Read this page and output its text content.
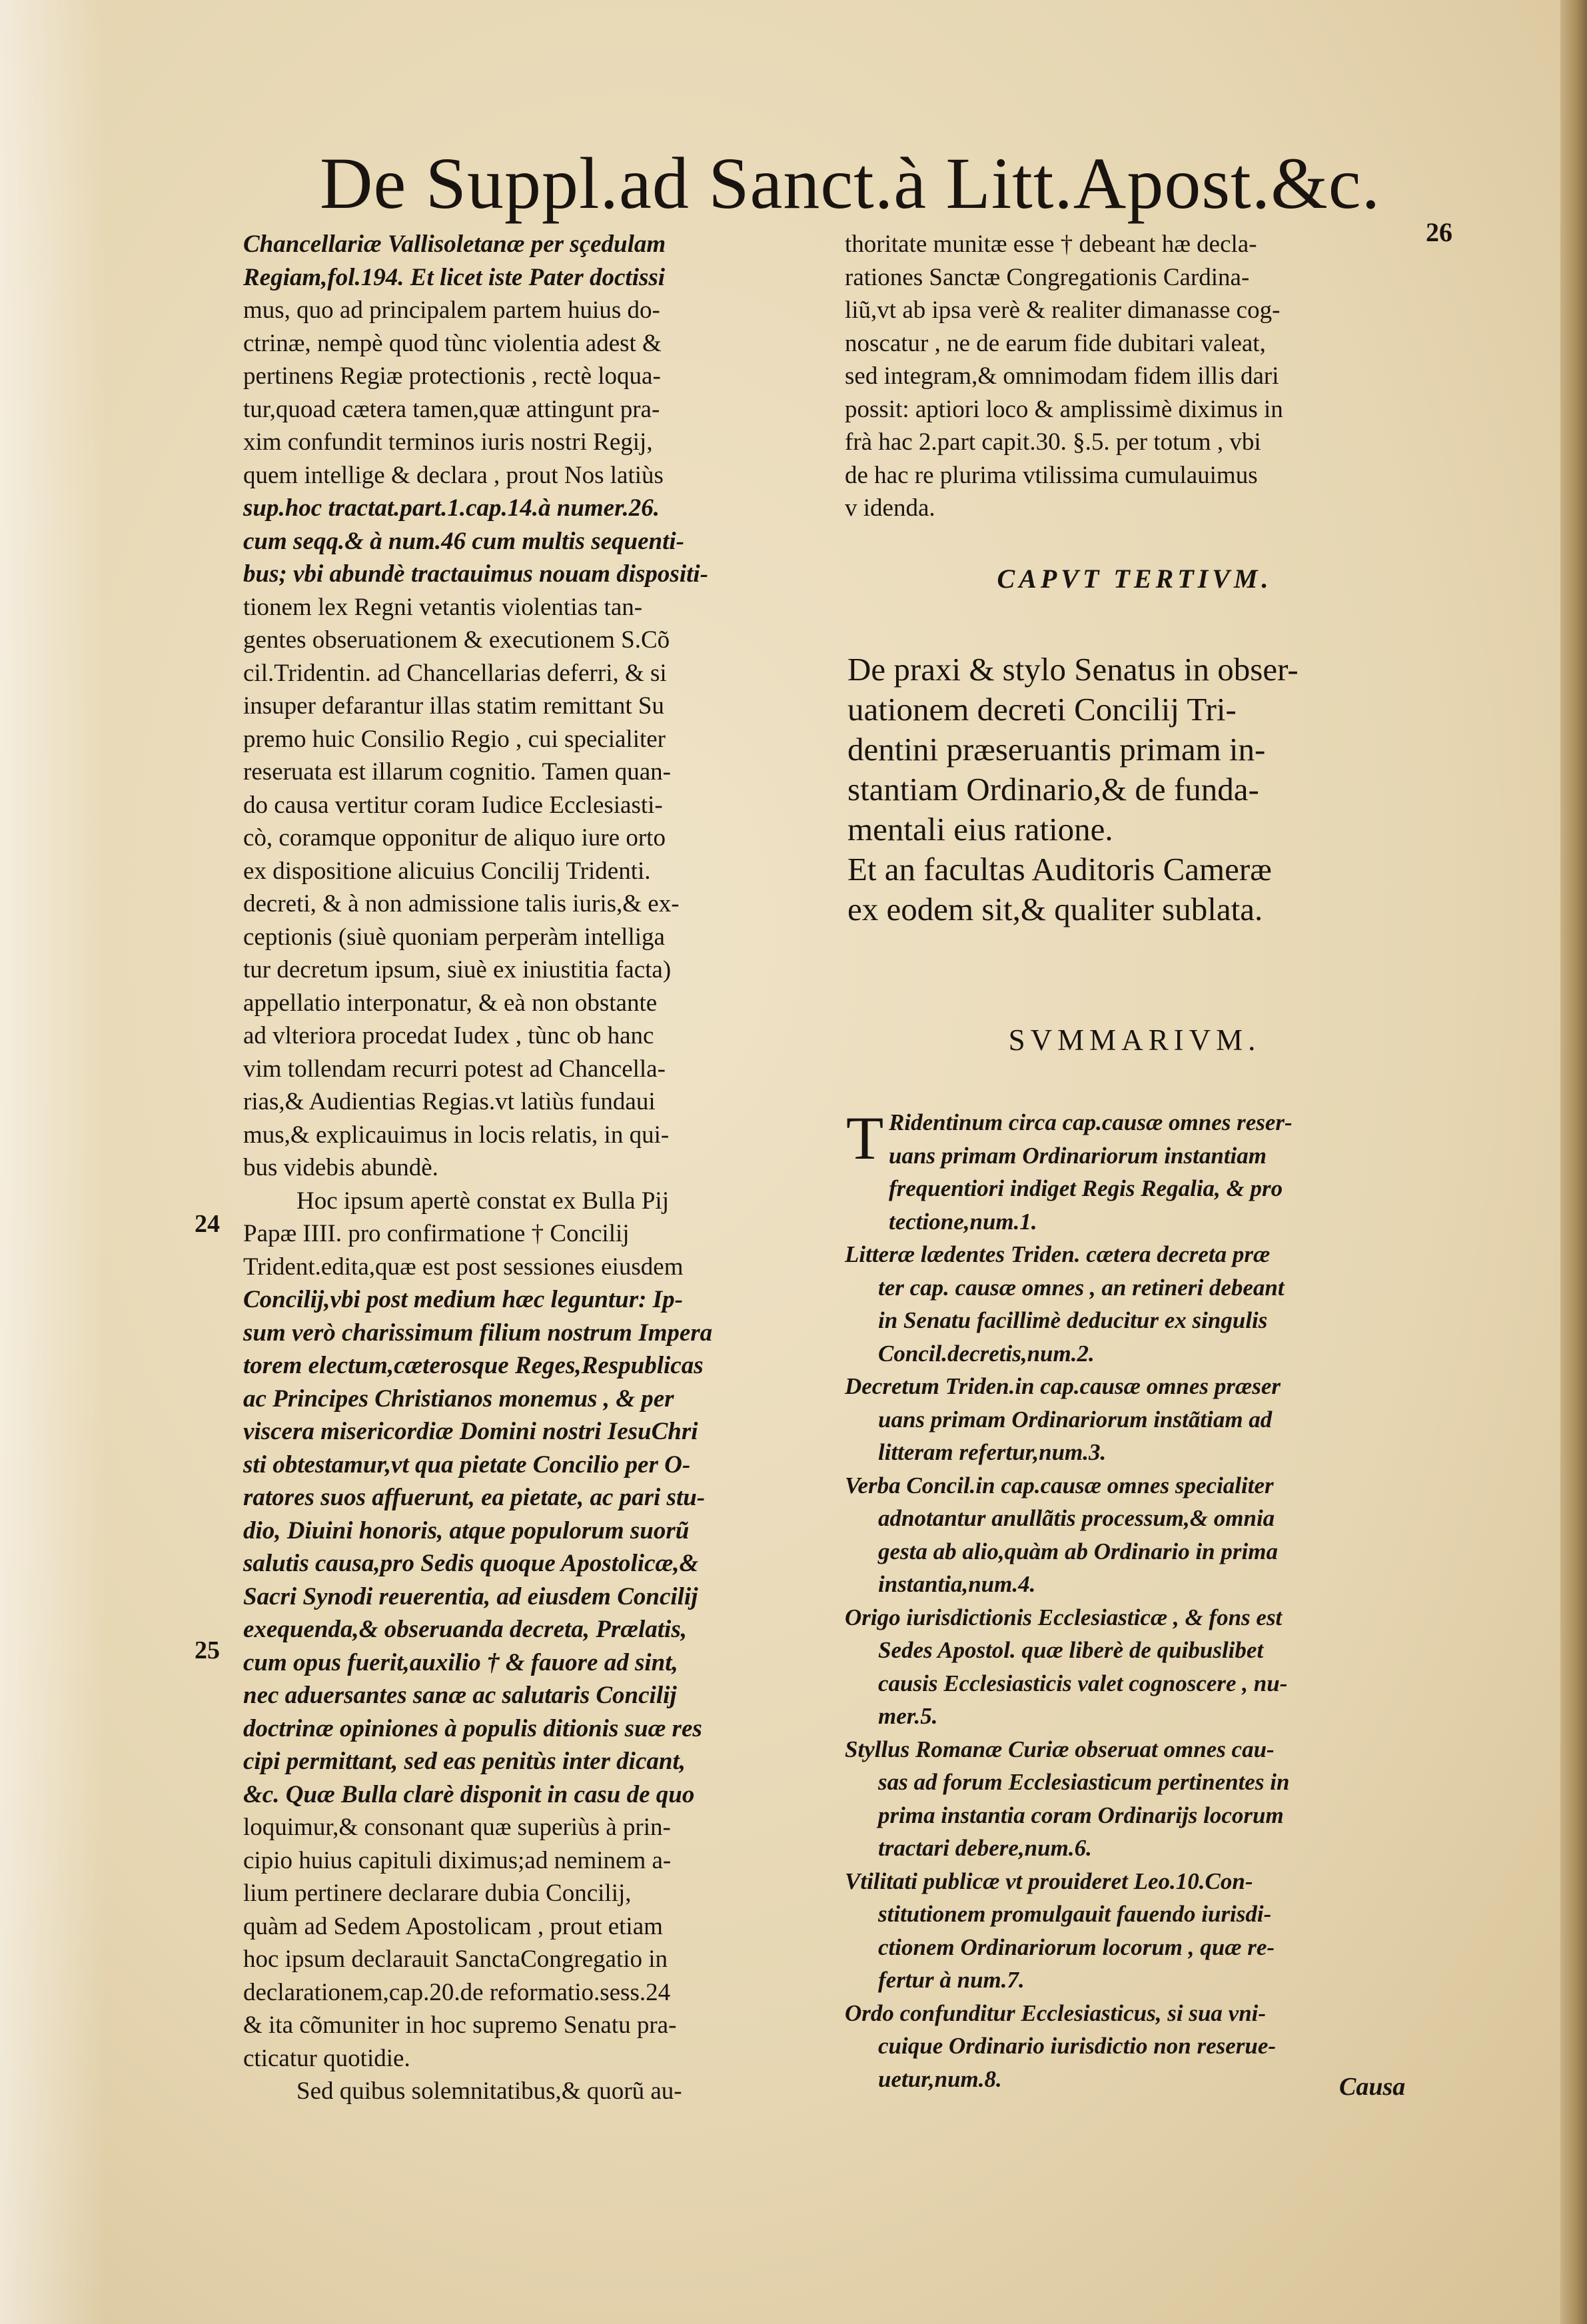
De Suppl.ad Sanct.à Litt.Apost.&c.
26
Chancellariæ Vallisoletanæ per sçedulam
Regiam,fol.194. Et licet iste Pater doctissi
mus, quo ad principalem partem huius do-
ctrinæ, nempè quod tùnc violentia adest &
pertinens Regiæ protectionis , rectè loqua-
tur,quoad cætera tamen,quæ attingunt pra-
xim confundit terminos iuris nostri Regij,
quem intellige & declara , prout Nos latiùs
sup.hoc tractat.part.1.cap.14.à numer.26.
cum seqq.& à num.46 cum multis sequenti-
bus; vbi abundè tractauimus nouam dispositi-
tionem lex Regni vetantis violentias tan-
gentes obseruationem & executionem S.Cõ
cil.Tridentin. ad Chancellarias deferri, & si
insuper defarantur illas statim remittant Su
premo huic Consilio Regio , cui specialiter
reseruata est illarum cognitio. Tamen quan-
do causa vertitur coram Iudice Ecclesiasti-
cò, coramque opponitur de aliquo iure orto
ex dispositione alicuius Concilij Tridenti.
decreti, & à non admissione talis iuris,& ex-
ceptionis (siuè quoniam perperàm intelliga
tur decretum ipsum, siuè ex iniustitia facta)
appellatio interponatur, & eà non obstante
ad vlteriora procedat Iudex , tùnc ob hanc
vim tollendam recurri potest ad Chancella-
rias,& Audientias Regias.vt latiùs fundaui
mus,& explicauimus in locis relatis, in qui-
bus videbis abundè.
Hoc ipsum apertè constat ex Bulla Pij
Papæ IIII. pro confirmatione † Concilij
Trident.edita,quæ est post sessiones eiusdem
Concilij,vbi post medium hæc leguntur: Ip-
sum verò charissimum filium nostrum Impera
torem electum,cæterosque Reges,Respublicas
ac Principes Christianos monemus , & per
viscera misericordiæ Domini nostri IesuChri
sti obtestamur,vt qua pietate Concilio per O-
ratores suos affuerunt, ea pietate, ac pari stu-
dio, Diuini honoris, atque populorum suorũ
salutis causa,pro Sedis quoque Apostolicæ,&
Sacri Synodi reuerentia, ad eiusdem Concilij
exequenda,& obseruanda decreta, Prælatis,
cum opus fuerit,auxilio † & fauore ad sint,
nec aduersantes sanæ ac salutaris Concilij
doctrinæ opiniones à populis ditionis suæ res
cipi permittant, sed eas penitùs inter dicant,
&c. Quæ Bulla clarè disponit in casu de quo
loquimur,& consonant quæ superiùs à prin-
cipio huius capituli diximus;ad neminem a-
lium pertinere declarare dubia Concilij,
quàm ad Sedem Apostolicam , prout etiam
hoc ipsum declarauit SanctaCongregatio in
declarationem,cap.20.de reformatio.sess.24
& ita cõmuniter in hoc supremo Senatu pra-
cticatur quotidie.
Sed quibus solemnitatibus,& quorũ au-
24
25
thoritate munitæ esse † debeant hæ decla-
rationes Sanctæ Congregationis Cardina-
liũ,vt ab ipsa verè & realiter dimanasse cog-
noscatur , ne de earum fide dubitari valeat,
sed integram,& omnimodam fidem illis dari
possit: aptiori loco & amplissimè diximus in
frà hac 2.part capit.30. §.5. per totum , vbi
de hac re plurima vtilissima cumulauimus
v idenda.
CAPVT TERTIVM.
De praxi & stylo Senatus in obser-
uationem decreti Concilij Tri-
dentini præseruantis primam in-
stantiam Ordinario,& de funda-
mentali eius ratione.
Et an facultas Auditoris Cameræ
ex eodem sit,& qualiter sublata.
SVMMARIVM.
T Ridentinum circa cap.causæ omnes reser-
uans primam Ordinariorum instantiam
frequentiori indiget Regis Regalia, & pro
tectione,num.1.
Litteræ lædentes Triden. cætera decreta præ
ter cap. causæ omnes , an retineri debeant
in Senatu facillimè deducitur ex singulis
Concil.decretis,num.2.
Decretum Triden.in cap.causæ omnes præser
uans primam Ordinariorum instãtiam ad
litteram refertur,num.3.
Verba Concil.in cap.causæ omnes specialiter
adnotantur anullãtis processum,& omnia
gesta ab alio,quàm ab Ordinario in prima
instantia,num.4.
Origo iurisdictionis Ecclesiasticæ , & fons est
Sedes Apostol. quæ liberè de quibuslibet
causis Ecclesiasticis valet cognoscere , nu-
mer.5.
Styllus Romanæ Curiæ obseruat omnes cau-
sas ad forum Ecclesiasticum pertinentes in
prima instantia coram Ordinarijs locorum
tractari debere,num.6.
Vtilitati publicæ vt prouideret Leo.10.Con-
stitutionem promulgauit fauendo iurisdi-
ctionem Ordinariorum locorum , quæ re-
fertur à num.7.
Ordo confunditur Ecclesiasticus, si sua vni-
cuique Ordinario iurisdictio non reserue-
uetur,num.8.	Causa
